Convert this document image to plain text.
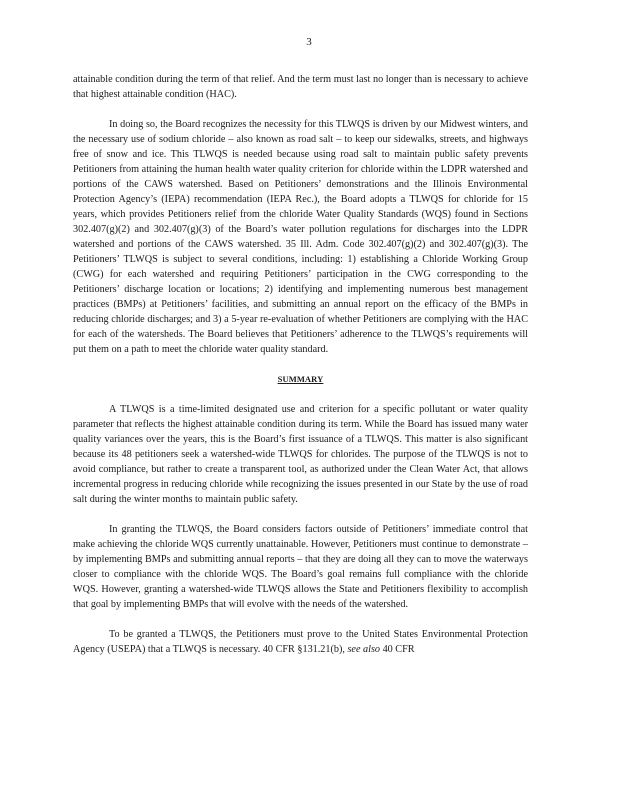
3

attainable condition during the term of that relief. And the term must last no longer than is necessary to achieve that highest attainable condition (HAC).

In doing so, the Board recognizes the necessity for this TLWQS is driven by our Midwest winters, and the necessary use of sodium chloride – also known as road salt – to keep our sidewalks, streets, and highways free of snow and ice. This TLWQS is needed because using road salt to maintain public safety prevents Petitioners from attaining the human health water quality criterion for chloride within the LDPR watershed and portions of the CAWS watershed. Based on Petitioners’ demonstrations and the Illinois Environmental Protection Agency’s (IEPA) recommendation (IEPA Rec.), the Board adopts a TLWQS for chloride for 15 years, which provides Petitioners relief from the chloride Water Quality Standards (WQS) found in Sections 302.407(g)(2) and 302.407(g)(3) of the Board’s water pollution regulations for discharges into the LDPR watershed and portions of the CAWS watershed. 35 Ill. Adm. Code 302.407(g)(2) and 302.407(g)(3). The Petitioners’ TLWQS is subject to several conditions, including: 1) establishing a Chloride Working Group (CWG) for each watershed and requiring Petitioners’ participation in the CWG corresponding to the Petitioners’ discharge location or locations; 2) identifying and implementing numerous best management practices (BMPs) at Petitioners’ facilities, and submitting an annual report on the efficacy of the BMPs in reducing chloride discharges; and 3) a 5-year re-evaluation of whether Petitioners are complying with the HAC for each of the watersheds. The Board believes that Petitioners’ adherence to the TLWQS’s requirements will put them on a path to meet the chloride water quality standard.

SUMMARY

A TLWQS is a time-limited designated use and criterion for a specific pollutant or water quality parameter that reflects the highest attainable condition during its term. While the Board has issued many water quality variances over the years, this is the Board’s first issuance of a TLWQS. This matter is also significant because its 48 petitioners seek a watershed-wide TLWQS for chlorides. The purpose of the TLWQS is not to avoid compliance, but rather to create a transparent tool, as authorized under the Clean Water Act, that allows incremental progress in reducing chloride while recognizing the issues presented in our State by the use of road salt during the winter months to maintain public safety.

In granting the TLWQS, the Board considers factors outside of Petitioners’ immediate control that make achieving the chloride WQS currently unattainable. However, Petitioners must continue to demonstrate – by implementing BMPs and submitting annual reports – that they are doing all they can to move the waterways closer to compliance with the chloride WQS. The Board’s goal remains full compliance with the chloride WQS. However, granting a watershed-wide TLWQS allows the State and Petitioners flexibility to accomplish that goal by implementing BMPs that will evolve with the needs of the watershed.

To be granted a TLWQS, the Petitioners must prove to the United States Environmental Protection Agency (USEPA) that a TLWQS is necessary. 40 CFR §131.21(b), see also 40 CFR
